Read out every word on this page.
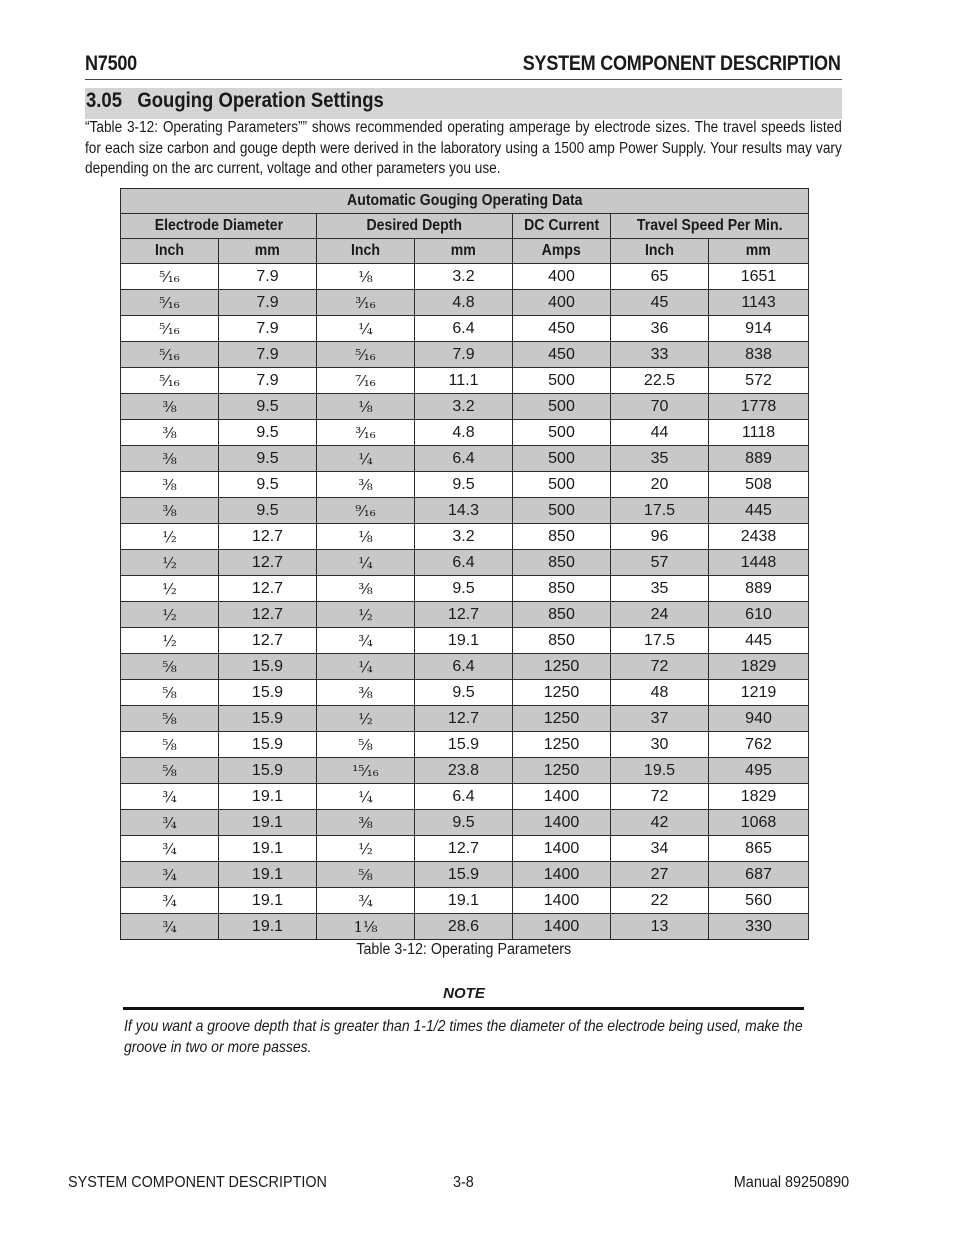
N7500	SYSTEM COMPONENT DESCRIPTION
3.05   Gouging Operation Settings
“Table 3-12: Operating Parameters”” shows recommended operating amperage by electrode sizes. The travel speeds listed for each size carbon and gouge depth were derived in the laboratory using a 1500 amp Power Supply. Your results may vary depending on the arc current, voltage and other parameters you use.
Automatic Gouging Operating Data						
Electrode Diameter		Desired Depth		DC Current	Travel Speed Per Min.	
Inch	mm	Inch	mm	Amps	Inch	mm
⁵⁄₁₆	7.9	⅛	3.2	400	65	1651
⁵⁄₁₆	7.9	³⁄₁₆	4.8	400	45	1143
⁵⁄₁₆	7.9	¼	6.4	450	36	914
⁵⁄₁₆	7.9	⁵⁄₁₆	7.9	450	33	838
⁵⁄₁₆	7.9	⁷⁄₁₆	11.1	500	22.5	572
⅜	9.5	⅛	3.2	500	70	1778
⅜	9.5	³⁄₁₆	4.8	500	44	1118
⅜	9.5	¼	6.4	500	35	889
⅜	9.5	⅜	9.5	500	20	508
⅜	9.5	⁹⁄₁₆	14.3	500	17.5	445
½	12.7	⅛	3.2	850	96	2438
½	12.7	¼	6.4	850	57	1448
½	12.7	⅜	9.5	850	35	889
½	12.7	½	12.7	850	24	610
½	12.7	¾	19.1	850	17.5	445
⅝	15.9	¼	6.4	1250	72	1829
⅝	15.9	⅜	9.5	1250	48	1219
⅝	15.9	½	12.7	1250	37	940
⅝	15.9	⅝	15.9	1250	30	762
⅝	15.9	¹⁵⁄₁₆	23.8	1250	19.5	495
¾	19.1	¼	6.4	1400	72	1829
¾	19.1	⅜	9.5	1400	42	1068
¾	19.1	½	12.7	1400	34	865
¾	19.1	⅝	15.9	1400	27	687
¾	19.1	¾	19.1	1400	22	560
¾	19.1	1⅛	28.6	1400	13	330
Table 3-12: Operating Parameters
NOTE
If you want a groove depth that is greater than 1-1/2 times the diameter of the electrode being used, make the groove in two or more passes.
SYSTEM COMPONENT DESCRIPTION	3-8	Manual 89250890
